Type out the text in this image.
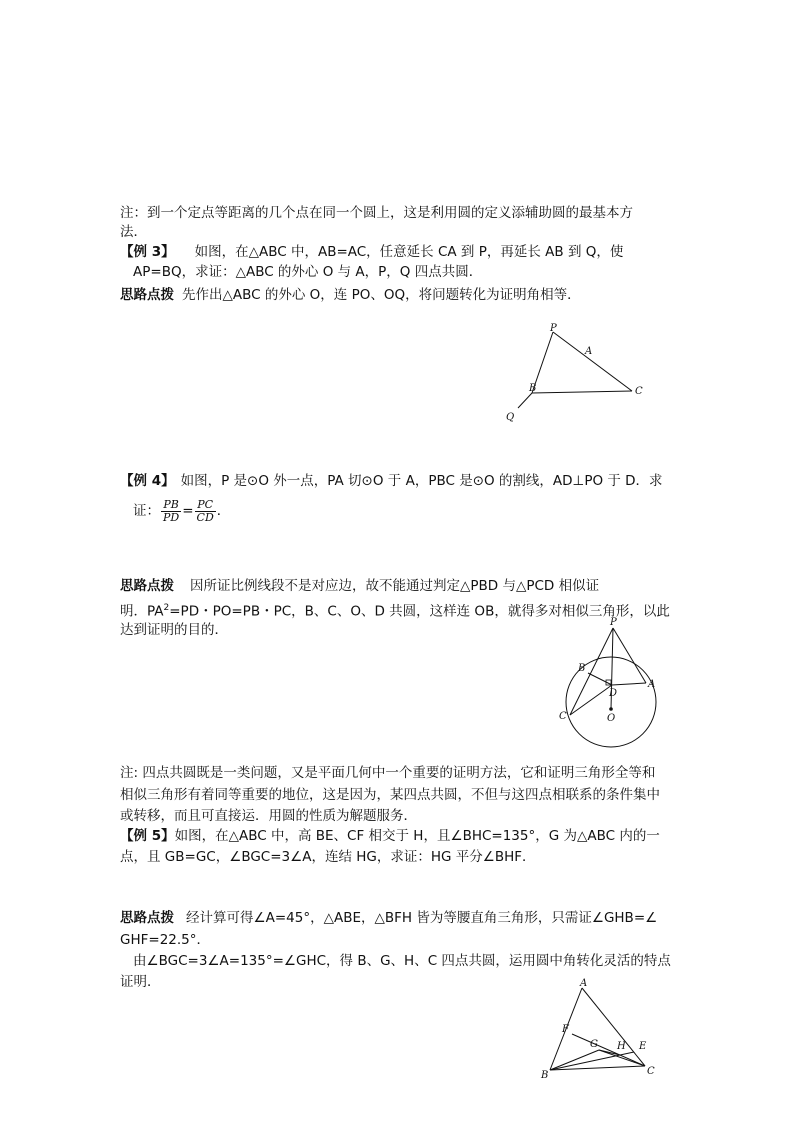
注：到一个定点等距离的几个点在同一个圆上，这是利用圆的定义添辅助圆的最基本方
法．
【例 3】 如图，在△ABC 中，AB=AC，任意延长 CA 到 P，再延长 AB 到 Q，使
AP=BQ，求证：△ABC 的外心 O 与 A，P，Q 四点共圆．
思路点拨 先作出△ABC 的外心 O，连 PO、OQ，将问题转化为证明角相等．
P
A
B	C
Q
【例 4】 如图，P 是⊙O 外一点，PA 切⊙O 于 A，PBC 是⊙O 的割线，AD⊥PO 于 D．求
证： $\frac{PB}{PD} = \frac{PC}{CD}$ ．
思路点拨 因所证比例线段不是对应边，故不能通过判定△PBD 与△PCD 相似证
明．$PA^2=PD$・PO=PB・PC，B、C、O、D 共圆，这样连 OB，就得多对相似三角形，以此
达到证明的目的．	P
B
D
A
C	O
注: 四点共圆既是一类问题，又是平面几何中一个重要的证明方法，它和证明三角形全等和
相似三角形有着同等重要的地位，这是因为，某四点共圆，不但与这四点相联系的条件集中
或转移，而且可直接运．用圆的性质为解题服务．
【例 5】如图，在△ABC 中，高 BE、CF 相交于 H，且∠BHC=135°，G 为△ABC 内的一
点，且 GB=GC，∠BGC=3∠A，连结 HG，求证：HG 平分∠BHF．
思路点拨 经计算可得∠A=45°，△ABE，△BFH 皆为等腰直角三角形，只需证∠GHB=∠
GHF=22.5°．
由∠BGC=3∠A=135°=∠GHC，得 B、G、H、C 四点共圆，运用圆中角转化灵活的特点
证明．	A
F
G H E
B	C
